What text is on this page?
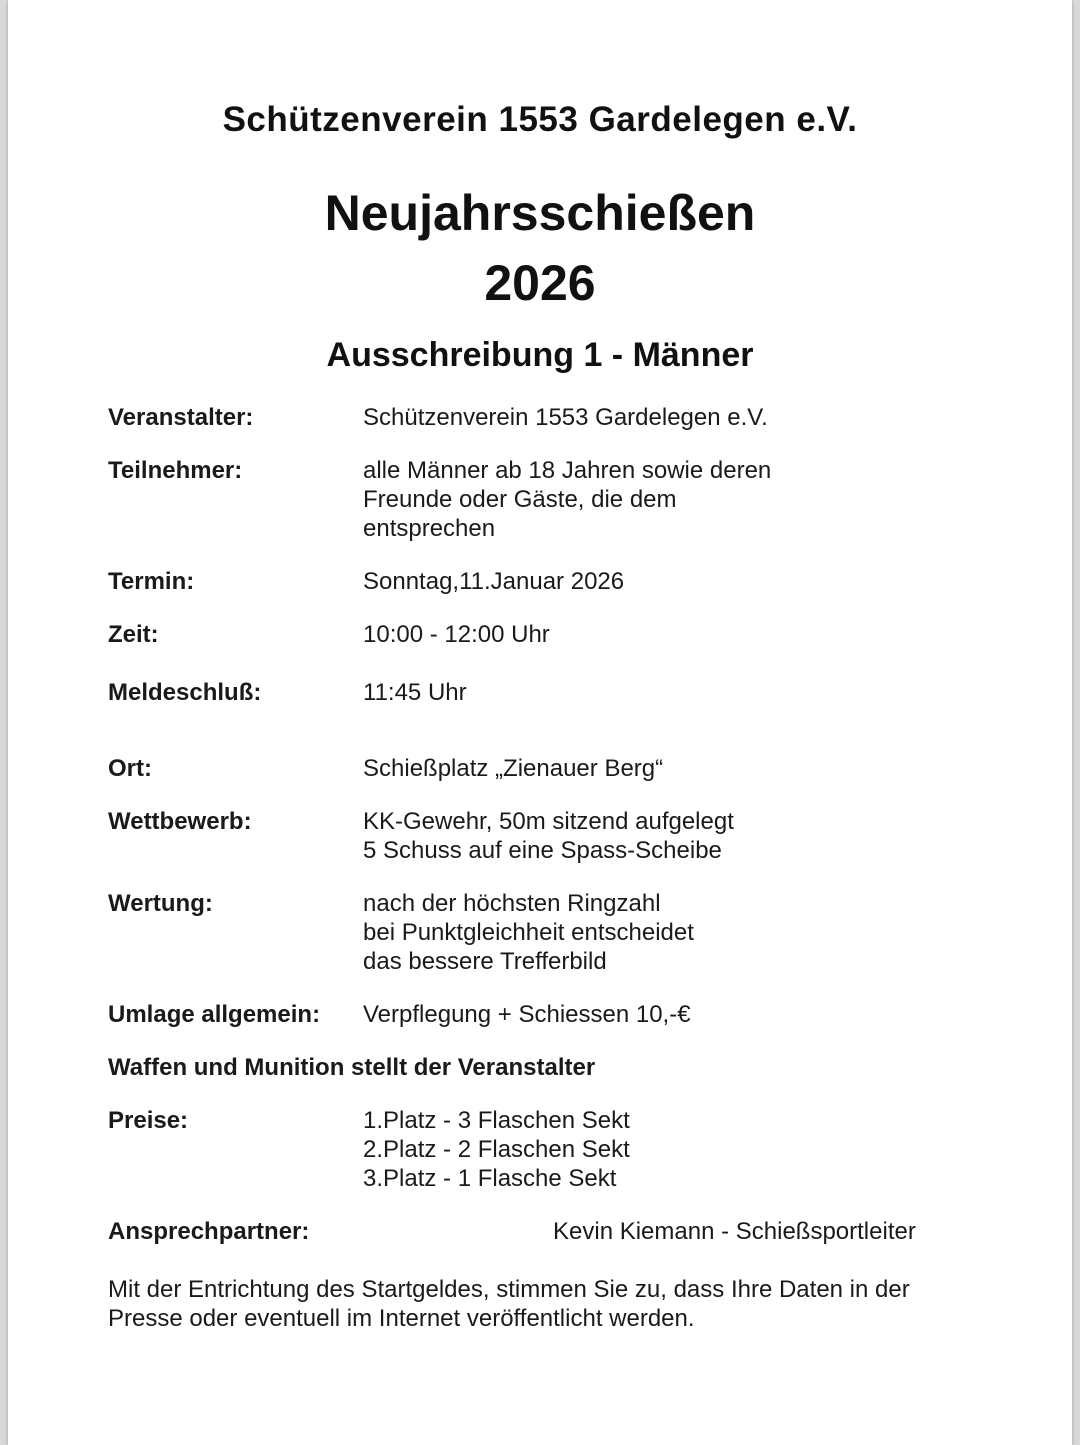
Schützenverein 1553 Gardelegen e.V.
Neujahrsschießen
2026
Ausschreibung 1 - Männer
Veranstalter:	Schützenverein 1553 Gardelegen e.V.
Teilnehmer:	alle Männer ab 18 Jahren sowie deren
Freunde oder Gäste, die dem
entsprechen
Termin:	Sonntag,11.Januar 2026
Zeit:	10:00 - 12:00 Uhr
Meldeschluß:	11:45 Uhr
Ort:	Schießplatz „Zienauer Berg“
Wettbewerb:	KK-Gewehr, 50m sitzend aufgelegt
5 Schuss auf eine Spass-Scheibe
Wertung:	nach der höchsten Ringzahl
bei Punktgleichheit entscheidet
das bessere Trefferbild
Umlage allgemein: Verpflegung + Schiessen 10,-€
Waffen und Munition stellt der Veranstalter
Preise:	1.Platz - 3 Flaschen Sekt
2.Platz - 2 Flaschen Sekt
3.Platz - 1 Flasche Sekt
Ansprechpartner:	Kevin Kiemann - Schießsportleiter
Mit der Entrichtung des Startgeldes, stimmen Sie zu, dass Ihre Daten in der
Presse oder eventuell im Internet veröffentlicht werden.
